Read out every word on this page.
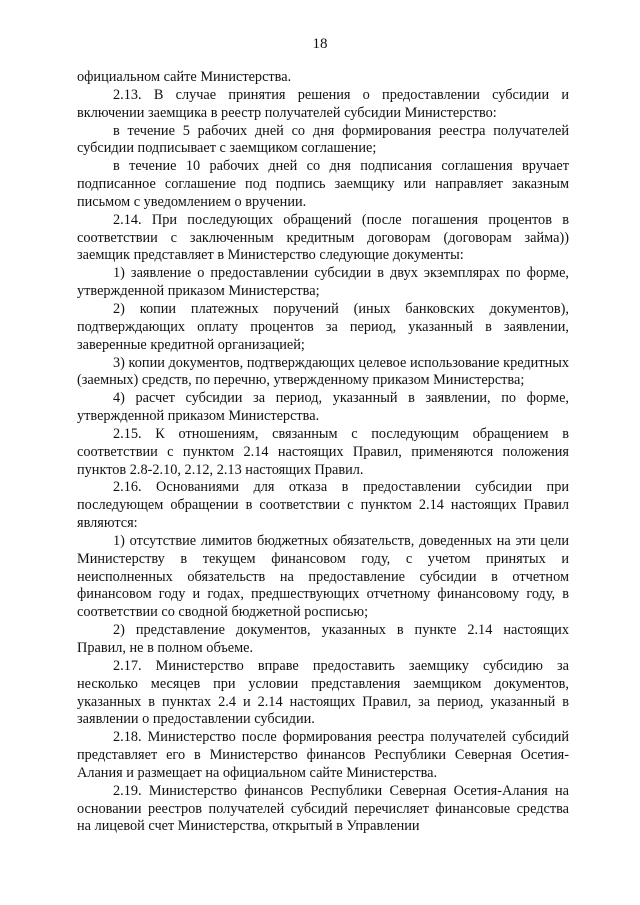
18

официальном сайте Министерства.

2.13. В случае принятия решения о предоставлении субсидии и включении заемщика в реестр получателей субсидии Министерство:

в течение 5 рабочих дней со дня формирования реестра получателей субсидии подписывает с заемщиком соглашение;

в течение 10 рабочих дней со дня подписания соглашения вручает подписанное соглашение под подпись заемщику или направляет заказным письмом с уведомлением о вручении.

2.14. При последующих обращений (после погашения процентов в соответствии с заключенным кредитным договорам (договорам займа)) заемщик представляет в Министерство следующие документы:

1) заявление о предоставлении субсидии в двух экземплярах по форме, утвержденной приказом Министерства;

2) копии платежных поручений (иных банковских документов), подтверждающих оплату процентов за период, указанный в заявлении, заверенные кредитной организацией;

3) копии документов, подтверждающих целевое использование кредитных (заемных) средств, по перечню, утвержденному приказом Министерства;

4) расчет субсидии за период, указанный в заявлении, по форме, утвержденной приказом Министерства.

2.15. К отношениям, связанным с последующим обращением в соответствии с пунктом 2.14 настоящих Правил, применяются положения пунктов 2.8-2.10, 2.12, 2.13 настоящих Правил.

2.16. Основаниями для отказа в предоставлении субсидии при последующем обращении в соответствии с пунктом 2.14 настоящих Правил являются:

1) отсутствие лимитов бюджетных обязательств, доведенных на эти цели Министерству в текущем финансовом году, с учетом принятых и неисполненных обязательств на предоставление субсидии в отчетном финансовом году и годах, предшествующих отчетному финансовому году, в соответствии со сводной бюджетной росписью;

2) представление документов, указанных в пункте 2.14 настоящих Правил, не в полном объеме.

2.17. Министерство вправе предоставить заемщику субсидию за несколько месяцев при условии представления заемщиком документов, указанных в пунктах 2.4 и 2.14 настоящих Правил, за период, указанный в заявлении о предоставлении субсидии.

2.18. Министерство после формирования реестра получателей субсидий представляет его в Министерство финансов Республики Северная Осетия-Алания и размещает на официальном сайте Министерства.

2.19. Министерство финансов Республики Северная Осетия-Алания на основании реестров получателей субсидий перечисляет финансовые средства на лицевой счет Министерства, открытый в Управлении
